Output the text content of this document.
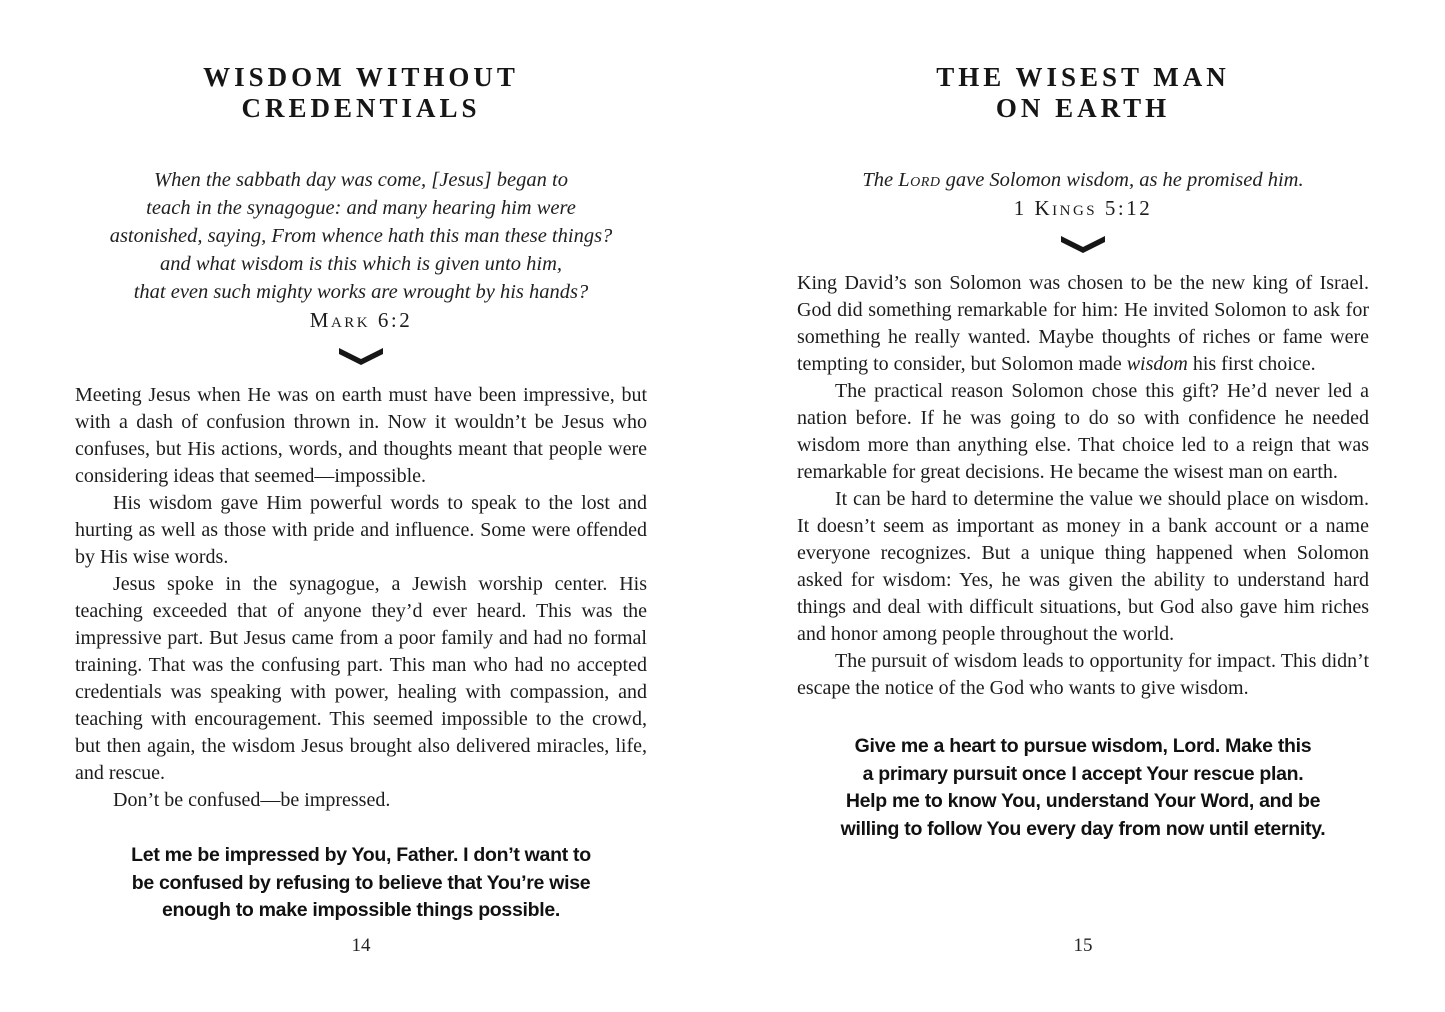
WISDOM WITHOUT
CREDENTIALS
When the sabbath day was come, [Jesus] began to
teach in the synagogue: and many hearing him were
astonished, saying, From whence hath this man these things?
and what wisdom is this which is given unto him,
that even such mighty works are wrought by his hands?
Mark 6:2

Meeting Jesus when He was on earth must have been impressive, but with a dash of confusion thrown in. Now it wouldn’t be Jesus who confuses, but His actions, words, and thoughts meant that people were considering ideas that seemed—impossible.

His wisdom gave Him powerful words to speak to the lost and hurting as well as those with pride and influence. Some were offended by His wise words.

Jesus spoke in the synagogue, a Jewish worship center. His teaching exceeded that of anyone they’d ever heard. This was the impressive part. But Jesus came from a poor family and had no formal training. That was the confusing part. This man who had no accepted credentials was speaking with power, healing with compassion, and teaching with encouragement. This seemed impossible to the crowd, but then again, the wisdom Jesus brought also delivered miracles, life, and rescue.

Don’t be confused—be impressed.

Let me be impressed by You, Father. I don’t want to
be confused by refusing to believe that You’re wise
enough to make impossible things possible.
14
THE WISEST MAN
ON EARTH
The Lord gave Solomon wisdom, as he promised him.
1 Kings 5:12

King David’s son Solomon was chosen to be the new king of Israel. God did something remarkable for him: He invited Solomon to ask for something he really wanted. Maybe thoughts of riches or fame were tempting to consider, but Solomon made wisdom his first choice.

The practical reason Solomon chose this gift? He’d never led a nation before. If he was going to do so with confidence he needed wisdom more than anything else. That choice led to a reign that was remarkable for great decisions. He became the wisest man on earth.

It can be hard to determine the value we should place on wisdom. It doesn’t seem as important as money in a bank account or a name everyone recognizes. But a unique thing happened when Solomon asked for wisdom: Yes, he was given the ability to understand hard things and deal with difficult situations, but God also gave him riches and honor among people throughout the world.

The pursuit of wisdom leads to opportunity for impact. This didn’t escape the notice of the God who wants to give wisdom.

Give me a heart to pursue wisdom, Lord. Make this
a primary pursuit once I accept Your rescue plan.
Help me to know You, understand Your Word, and be
willing to follow You every day from now until eternity.
15
